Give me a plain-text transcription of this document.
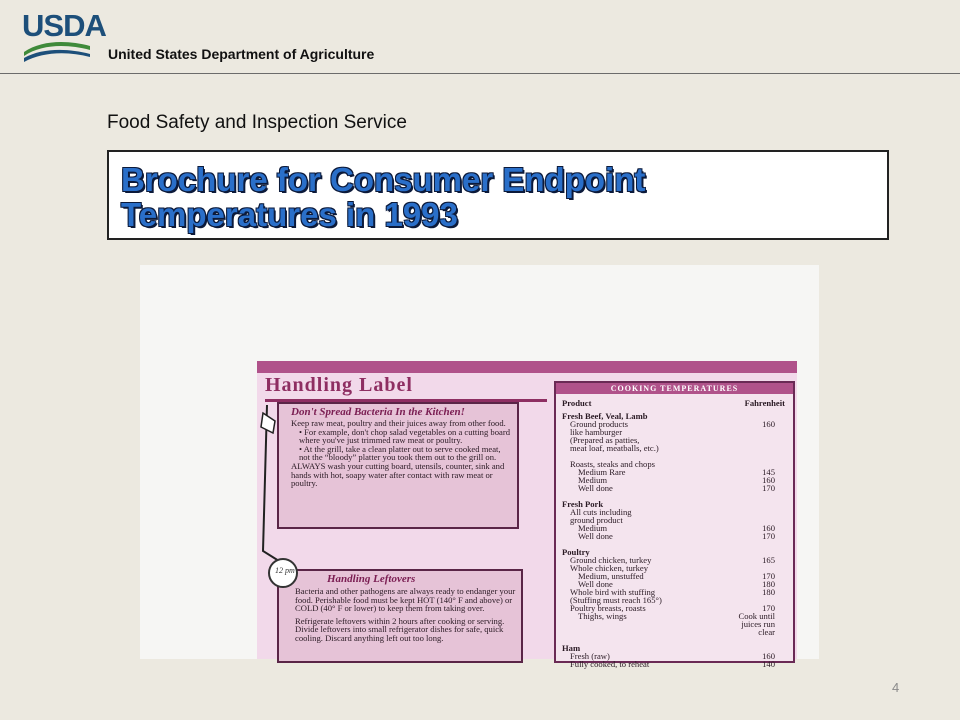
USDA
United States Department of Agriculture
Food Safety and Inspection Service
Brochure for Consumer Endpoint Temperatures in 1993
Handling Label
Don't Spread Bacteria In the Kitchen!
Keep raw meat, poultry and their juices away from other food.
• For example, don't chop salad vegetables on a cutting board where you've just trimmed raw meat or poultry.
• At the grill, take a clean platter out to serve cooked meat, not the “bloody” platter you took them out to the grill on.
ALWAYS wash your cutting board, utensils, counter, sink and hands with hot, soapy water after contact with raw meat or poultry.
Handling Leftovers
Bacteria and other pathogens are always ready to endanger your food. Perishable food must be kept HOT (140° F and above) or COLD (40° F or lower) to keep them from taking over.
Refrigerate leftovers within 2 hours after cooking or serving. Divide leftovers into small refrigerator dishes for safe, quick cooling. Discard anything left out too long.
12 pm
COOKING TEMPERATURES
Product	Fahrenheit
Fresh Beef, Veal, Lamb
Ground products	160
like hamburger
(Prepared as patties,
meat loaf, meatballs, etc.)
Roasts, steaks and chops
Medium Rare	145
Medium	160
Well done	170
Fresh Pork
All cuts including
ground product
Medium	160
Well done	170
Poultry
Ground chicken, turkey	165
Whole chicken, turkey
Medium, unstuffed	170
Well done	180
Whole bird with stuffing	180
(Stuffing must reach 165°)
Poultry breasts, roasts	170
Thighs, wings	Cook until
juices run
clear
Ham
Fresh (raw)	160
Fully cooked, to reheat	140
4
